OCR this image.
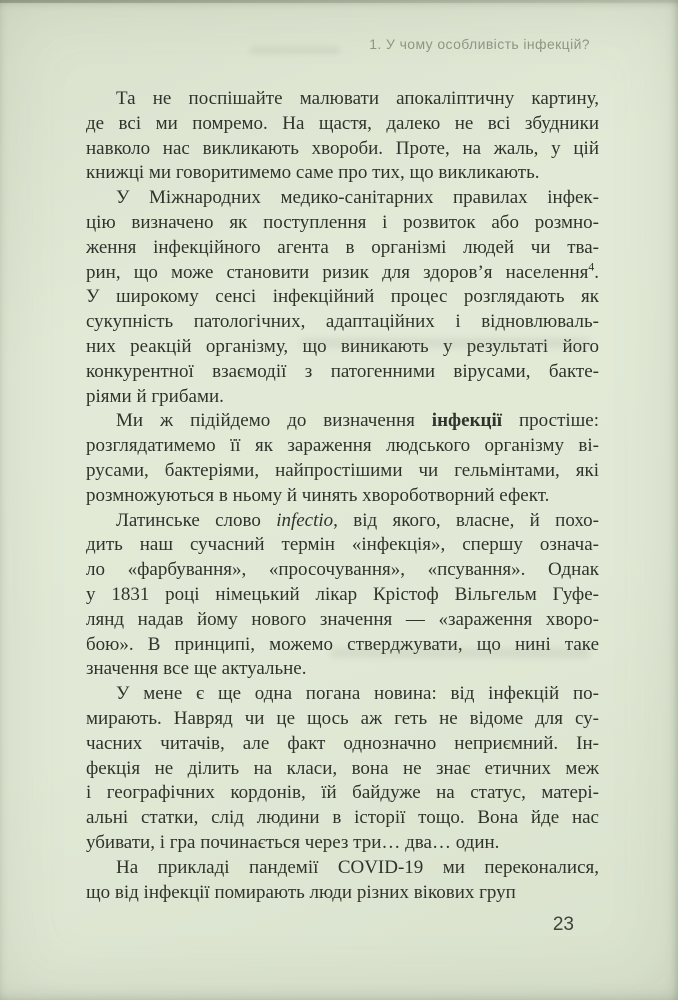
1. У чому особливість інфекцій?
Та не поспішайте малювати апокаліптичну картину,
де всі ми помремо. На щастя, далеко не всі збудники
навколо нас викликають хвороби. Проте, на жаль, у цій
книжці ми говоритимемо саме про тих, що викликають.
У Міжнародних медико-санітарних правилах інфек-
цію визначено як поступлення і розвиток або розмно-
ження інфекційного агента в організмі людей чи тва-
рин, що може становити ризик для здоров’я населення$^4$.
У широкому сенсі інфекційний процес розглядають як
сукупність патологічних, адаптаційних і відновлюваль-
них реакцій організму, що виникають у результаті його
конкурентної взаємодії з патогенними вірусами, бакте-
ріями й грибами.
Ми ж підійдемо до визначення інфекції простіше:
розглядатимемо її як зараження людського організму ві-
русами, бактеріями, найпростішими чи гельмінтами, які
розмножуються в ньому й чинять хвороботворний ефект.
Латинське слово infectio, від якого, власне, й похо-
дить наш сучасний термін «інфекція», спершу означа-
ло «фарбування», «просочування», «псування». Однак
у 1831 році німецький лікар Крістоф Вільгельм Гуфе-
лянд надав йому нового значення — «зараження хворо-
бою». В принципі, можемо стверджувати, що нині таке
значення все ще актуальне.
У мене є ще одна погана новина: від інфекцій по-
мирають. Навряд чи це щось аж геть не відоме для су-
часних читачів, але факт однозначно неприємний. Ін-
фекція не ділить на класи, вона не знає етичних меж
і географічних кордонів, їй байдуже на статус, матері-
альні статки, слід людини в історії тощо. Вона йде нас
убивати, і гра починається через три… два… один.
На прикладі пандемії COVID-19 ми переконалися,
що від інфекції помирають люди різних вікових груп
23
